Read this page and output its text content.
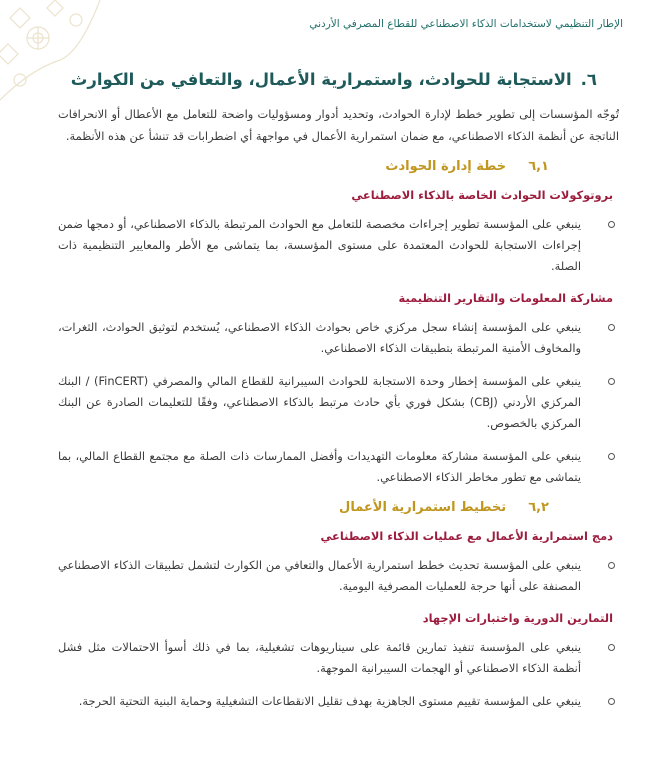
الإطار التنظيمي لاستخدامات الذكاء الاصطناعي للقطاع المصرفي الأردني
٦.
الاستجابة للحوادث، واستمرارية الأعمال، والتعافي من الكوارث

تُوجّه المؤسسات إلى تطوير خطط لإدارة الحوادث، وتحديد أدوار ومسؤوليات واضحة للتعامل مع الأعطال أو الانحرافات الناتجة عن أنظمة الذكاء الاصطناعي، مع ضمان استمرارية الأعمال في مواجهة أي اضطرابات قد تنشأ عن هذه الأنظمة.

٦,١
خطة إدارة الحوادث
بروتوكولات الحوادث الخاصة بالذكاء الاصطناعي
ينبغي على المؤسسة تطوير إجراءات مخصصة للتعامل مع الحوادث المرتبطة بالذكاء الاصطناعي، أو دمجها ضمن إجراءات الاستجابة للحوادث المعتمدة على مستوى المؤسسة، بما يتماشى مع الأطر والمعايير التنظيمية ذات الصلة.
مشاركة المعلومات والتقارير التنظيمية
ينبغي على المؤسسة إنشاء سجل مركزي خاص بحوادث الذكاء الاصطناعي، يُستخدم لتوثيق الحوادث، الثغرات، والمخاوف الأمنية المرتبطة بتطبيقات الذكاء الاصطناعي.
ينبغي على المؤسسة إخطار وحدة الاستجابة للحوادث السيبرانية للقطاع المالي والمصرفي (FinCERT) / البنك المركزي الأردني (CBJ) بشكل فوري بأي حادث مرتبط بالذكاء الاصطناعي، وفقًا للتعليمات الصادرة عن البنك المركزي بالخصوص.
ينبغي على المؤسسة مشاركة معلومات التهديدات وأفضل الممارسات ذات الصلة مع مجتمع القطاع المالي، بما يتماشى مع تطور مخاطر الذكاء الاصطناعي.
٦,٢
تخطيط استمرارية الأعمال
دمج استمرارية الأعمال مع عمليات الذكاء الاصطناعي
ينبغي على المؤسسة تحديث خطط استمرارية الأعمال والتعافي من الكوارث لتشمل تطبيقات الذكاء الاصطناعي المصنفة على أنها حرجة للعمليات المصرفية اليومية.
التمارين الدورية واختبارات الإجهاد
ينبغي على المؤسسة تنفيذ تمارين قائمة على سيناريوهات تشغيلية، بما في ذلك أسوأ الاحتمالات مثل فشل أنظمة الذكاء الاصطناعي أو الهجمات السيبرانية الموجهة.
ينبغي على المؤسسة تقييم مستوى الجاهزية بهدف تقليل الانقطاعات التشغيلية وحماية البنية التحتية الحرجة.
